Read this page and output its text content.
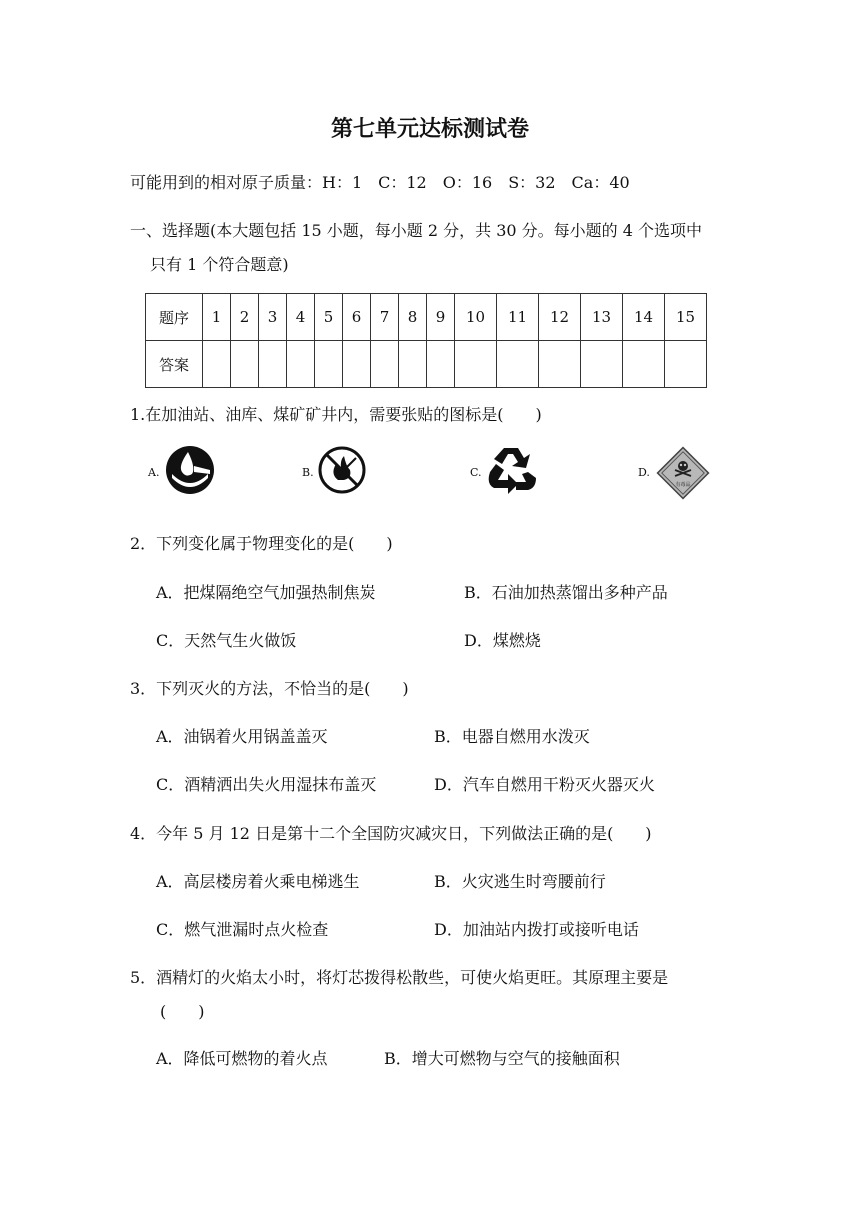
第七单元达标测试卷
可能用到的相对原子质量：H：1　C：12　O：16　S：32　Ca：40
一、选择题(本大题包括 15 小题，每小题 2 分，共 30 分。每小题的 4 个选项中
只有 1 个符合题意)
题序	1	2	3	4	5	6	7	8	9	10	11	12	13	14	15
答案															
1.在加油站、油库、煤矿矿井内，需要张贴的图标是(　　)
A.	B.	C.	D.
有毒品
2．下列变化属于物理变化的是(　　)
A．把煤隔绝空气加强热制焦炭	B．石油加热蒸馏出多种产品
C．天然气生火做饭	D．煤燃烧
3．下列灭火的方法，不恰当的是(　　)
A．油锅着火用锅盖盖灭	B．电器自燃用水泼灭
C．酒精洒出失火用湿抹布盖灭	D．汽车自燃用干粉灭火器灭火
4．今年 5 月 12 日是第十二个全国防灾减灾日，下列做法正确的是(　　)
A．高层楼房着火乘电梯逃生	B．火灾逃生时弯腰前行
C．燃气泄漏时点火检查	D．加油站内拨打或接听电话
5．酒精灯的火焰太小时，将灯芯拨得松散些，可使火焰更旺。其原理主要是
(　　)
A．降低可燃物的着火点	B．增大可燃物与空气的接触面积
